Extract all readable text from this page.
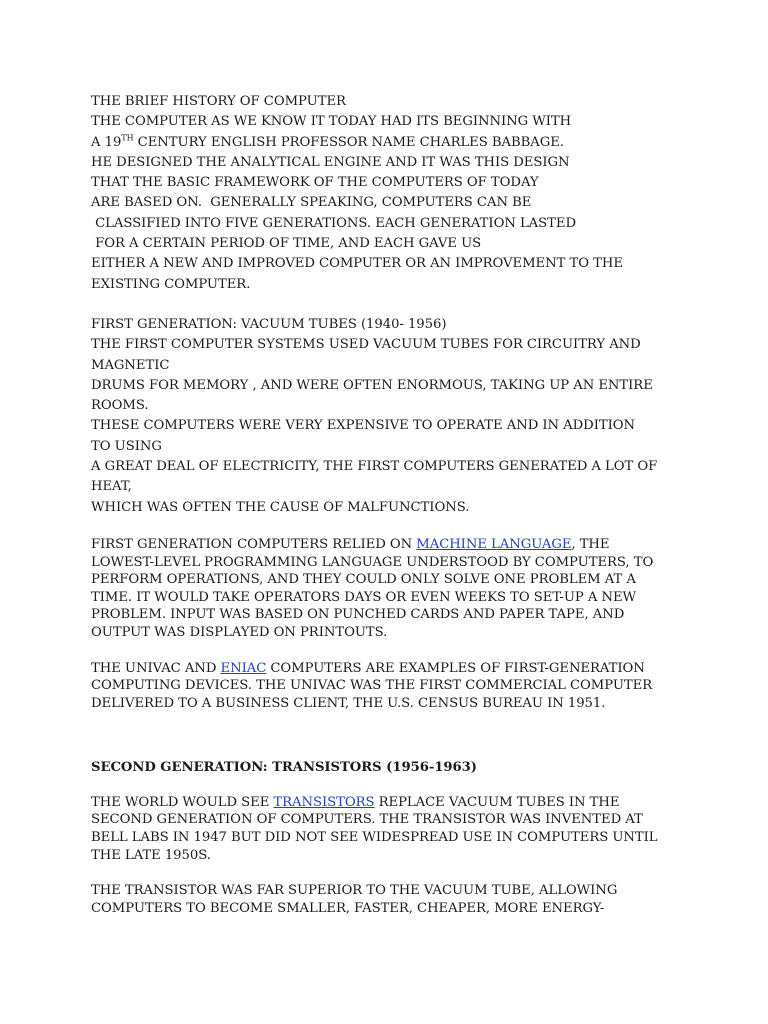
THE BRIEF HISTORY OF COMPUTER
THE COMPUTER AS WE KNOW IT TODAY HAD ITS BEGINNING WITH
A 19TH CENTURY ENGLISH PROFESSOR NAME CHARLES BABBAGE.
HE DESIGNED THE ANALYTICAL ENGINE AND IT WAS THIS DESIGN
THAT THE BASIC FRAMEWORK OF THE COMPUTERS OF TODAY
ARE BASED ON.  GENERALLY SPEAKING, COMPUTERS CAN BE
CLASSIFIED INTO FIVE GENERATIONS. EACH GENERATION LASTED
FOR A CERTAIN PERIOD OF TIME, AND EACH GAVE US
EITHER A NEW AND IMPROVED COMPUTER OR AN IMPROVEMENT TO THE
EXISTING COMPUTER.
FIRST GENERATION: VACUUM TUBES (1940- 1956)
THE FIRST COMPUTER SYSTEMS USED VACUUM TUBES FOR CIRCUITRY AND
MAGNETIC
DRUMS FOR MEMORY , AND WERE OFTEN ENORMOUS, TAKING UP AN ENTIRE
ROOMS.
THESE COMPUTERS WERE VERY EXPENSIVE TO OPERATE AND IN ADDITION
TO USING
A GREAT DEAL OF ELECTRICITY, THE FIRST COMPUTERS GENERATED A LOT OF
HEAT,
WHICH WAS OFTEN THE CAUSE OF MALFUNCTIONS.
FIRST GENERATION COMPUTERS RELIED ON MACHINE LANGUAGE, THE
LOWEST-LEVEL PROGRAMMING LANGUAGE UNDERSTOOD BY COMPUTERS, TO
PERFORM OPERATIONS, AND THEY COULD ONLY SOLVE ONE PROBLEM AT A
TIME. IT WOULD TAKE OPERATORS DAYS OR EVEN WEEKS TO SET-UP A NEW
PROBLEM. INPUT WAS BASED ON PUNCHED CARDS AND PAPER TAPE, AND
OUTPUT WAS DISPLAYED ON PRINTOUTS.
THE UNIVAC AND ENIAC COMPUTERS ARE EXAMPLES OF FIRST-GENERATION
COMPUTING DEVICES. THE UNIVAC WAS THE FIRST COMMERCIAL COMPUTER
DELIVERED TO A BUSINESS CLIENT, THE U.S. CENSUS BUREAU IN 1951.
SECOND GENERATION: TRANSISTORS (1956-1963)
THE WORLD WOULD SEE TRANSISTORS REPLACE VACUUM TUBES IN THE
SECOND GENERATION OF COMPUTERS. THE TRANSISTOR WAS INVENTED AT
BELL LABS IN 1947 BUT DID NOT SEE WIDESPREAD USE IN COMPUTERS UNTIL
THE LATE 1950S.
THE TRANSISTOR WAS FAR SUPERIOR TO THE VACUUM TUBE, ALLOWING
COMPUTERS TO BECOME SMALLER, FASTER, CHEAPER, MORE ENERGY-
